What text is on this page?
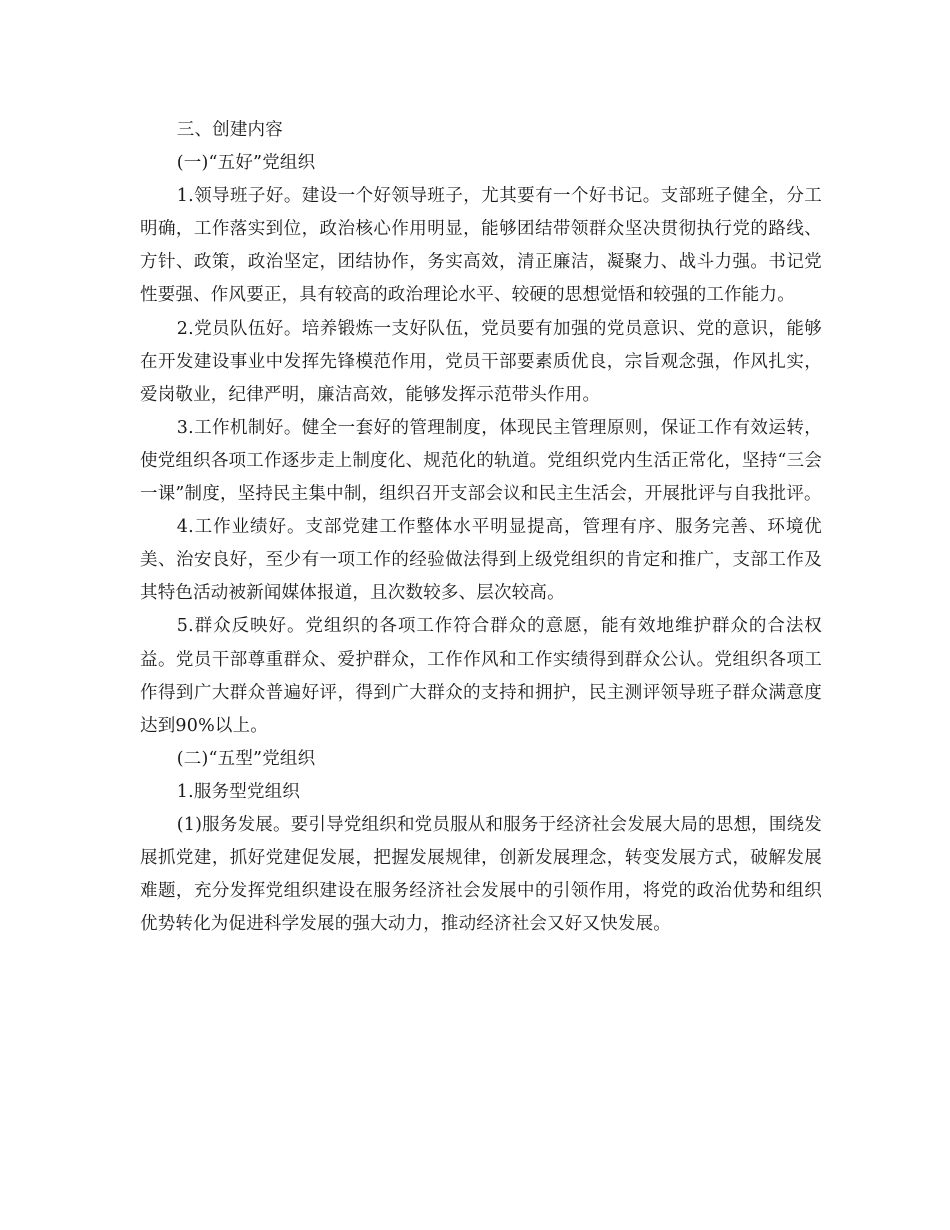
三、创建内容

(一)“五好”党组织

1.领导班子好。建设一个好领导班子，尤其要有一个好书记。支部班子健全，分工明确，工作落实到位，政治核心作用明显，能够团结带领群众坚决贯彻执行党的路线、方针、政策，政治坚定，团结协作，务实高效，清正廉洁，凝聚力、战斗力强。书记党性要强、作风要正，具有较高的政治理论水平、较硬的思想觉悟和较强的工作能力。

2.党员队伍好。培养锻炼一支好队伍，党员要有加强的党员意识、党的意识，能够在开发建设事业中发挥先锋模范作用，党员干部要素质优良，宗旨观念强，作风扎实，爱岗敬业，纪律严明，廉洁高效，能够发挥示范带头作用。

3.工作机制好。健全一套好的管理制度，体现民主管理原则，保证工作有效运转，使党组织各项工作逐步走上制度化、规范化的轨道。党组织党内生活正常化，坚持“三会一课”制度，坚持民主集中制，组织召开支部会议和民主生活会，开展批评与自我批评。

4.工作业绩好。支部党建工作整体水平明显提高，管理有序、服务完善、环境优美、治安良好，至少有一项工作的经验做法得到上级党组织的肯定和推广，支部工作及其特色活动被新闻媒体报道，且次数较多、层次较高。

5.群众反映好。党组织的各项工作符合群众的意愿，能有效地维护群众的合法权益。党员干部尊重群众、爱护群众，工作作风和工作实绩得到群众公认。党组织各项工作得到广大群众普遍好评，得到广大群众的支持和拥护，民主测评领导班子群众满意度达到90%以上。

(二)“五型”党组织

1.服务型党组织

(1)服务发展。要引导党组织和党员服从和服务于经济社会发展大局的思想，围绕发展抓党建，抓好党建促发展，把握发展规律，创新发展理念，转变发展方式，破解发展难题，充分发挥党组织建设在服务经济社会发展中的引领作用，将党的政治优势和组织优势转化为促进科学发展的强大动力，推动经济社会又好又快发展。
